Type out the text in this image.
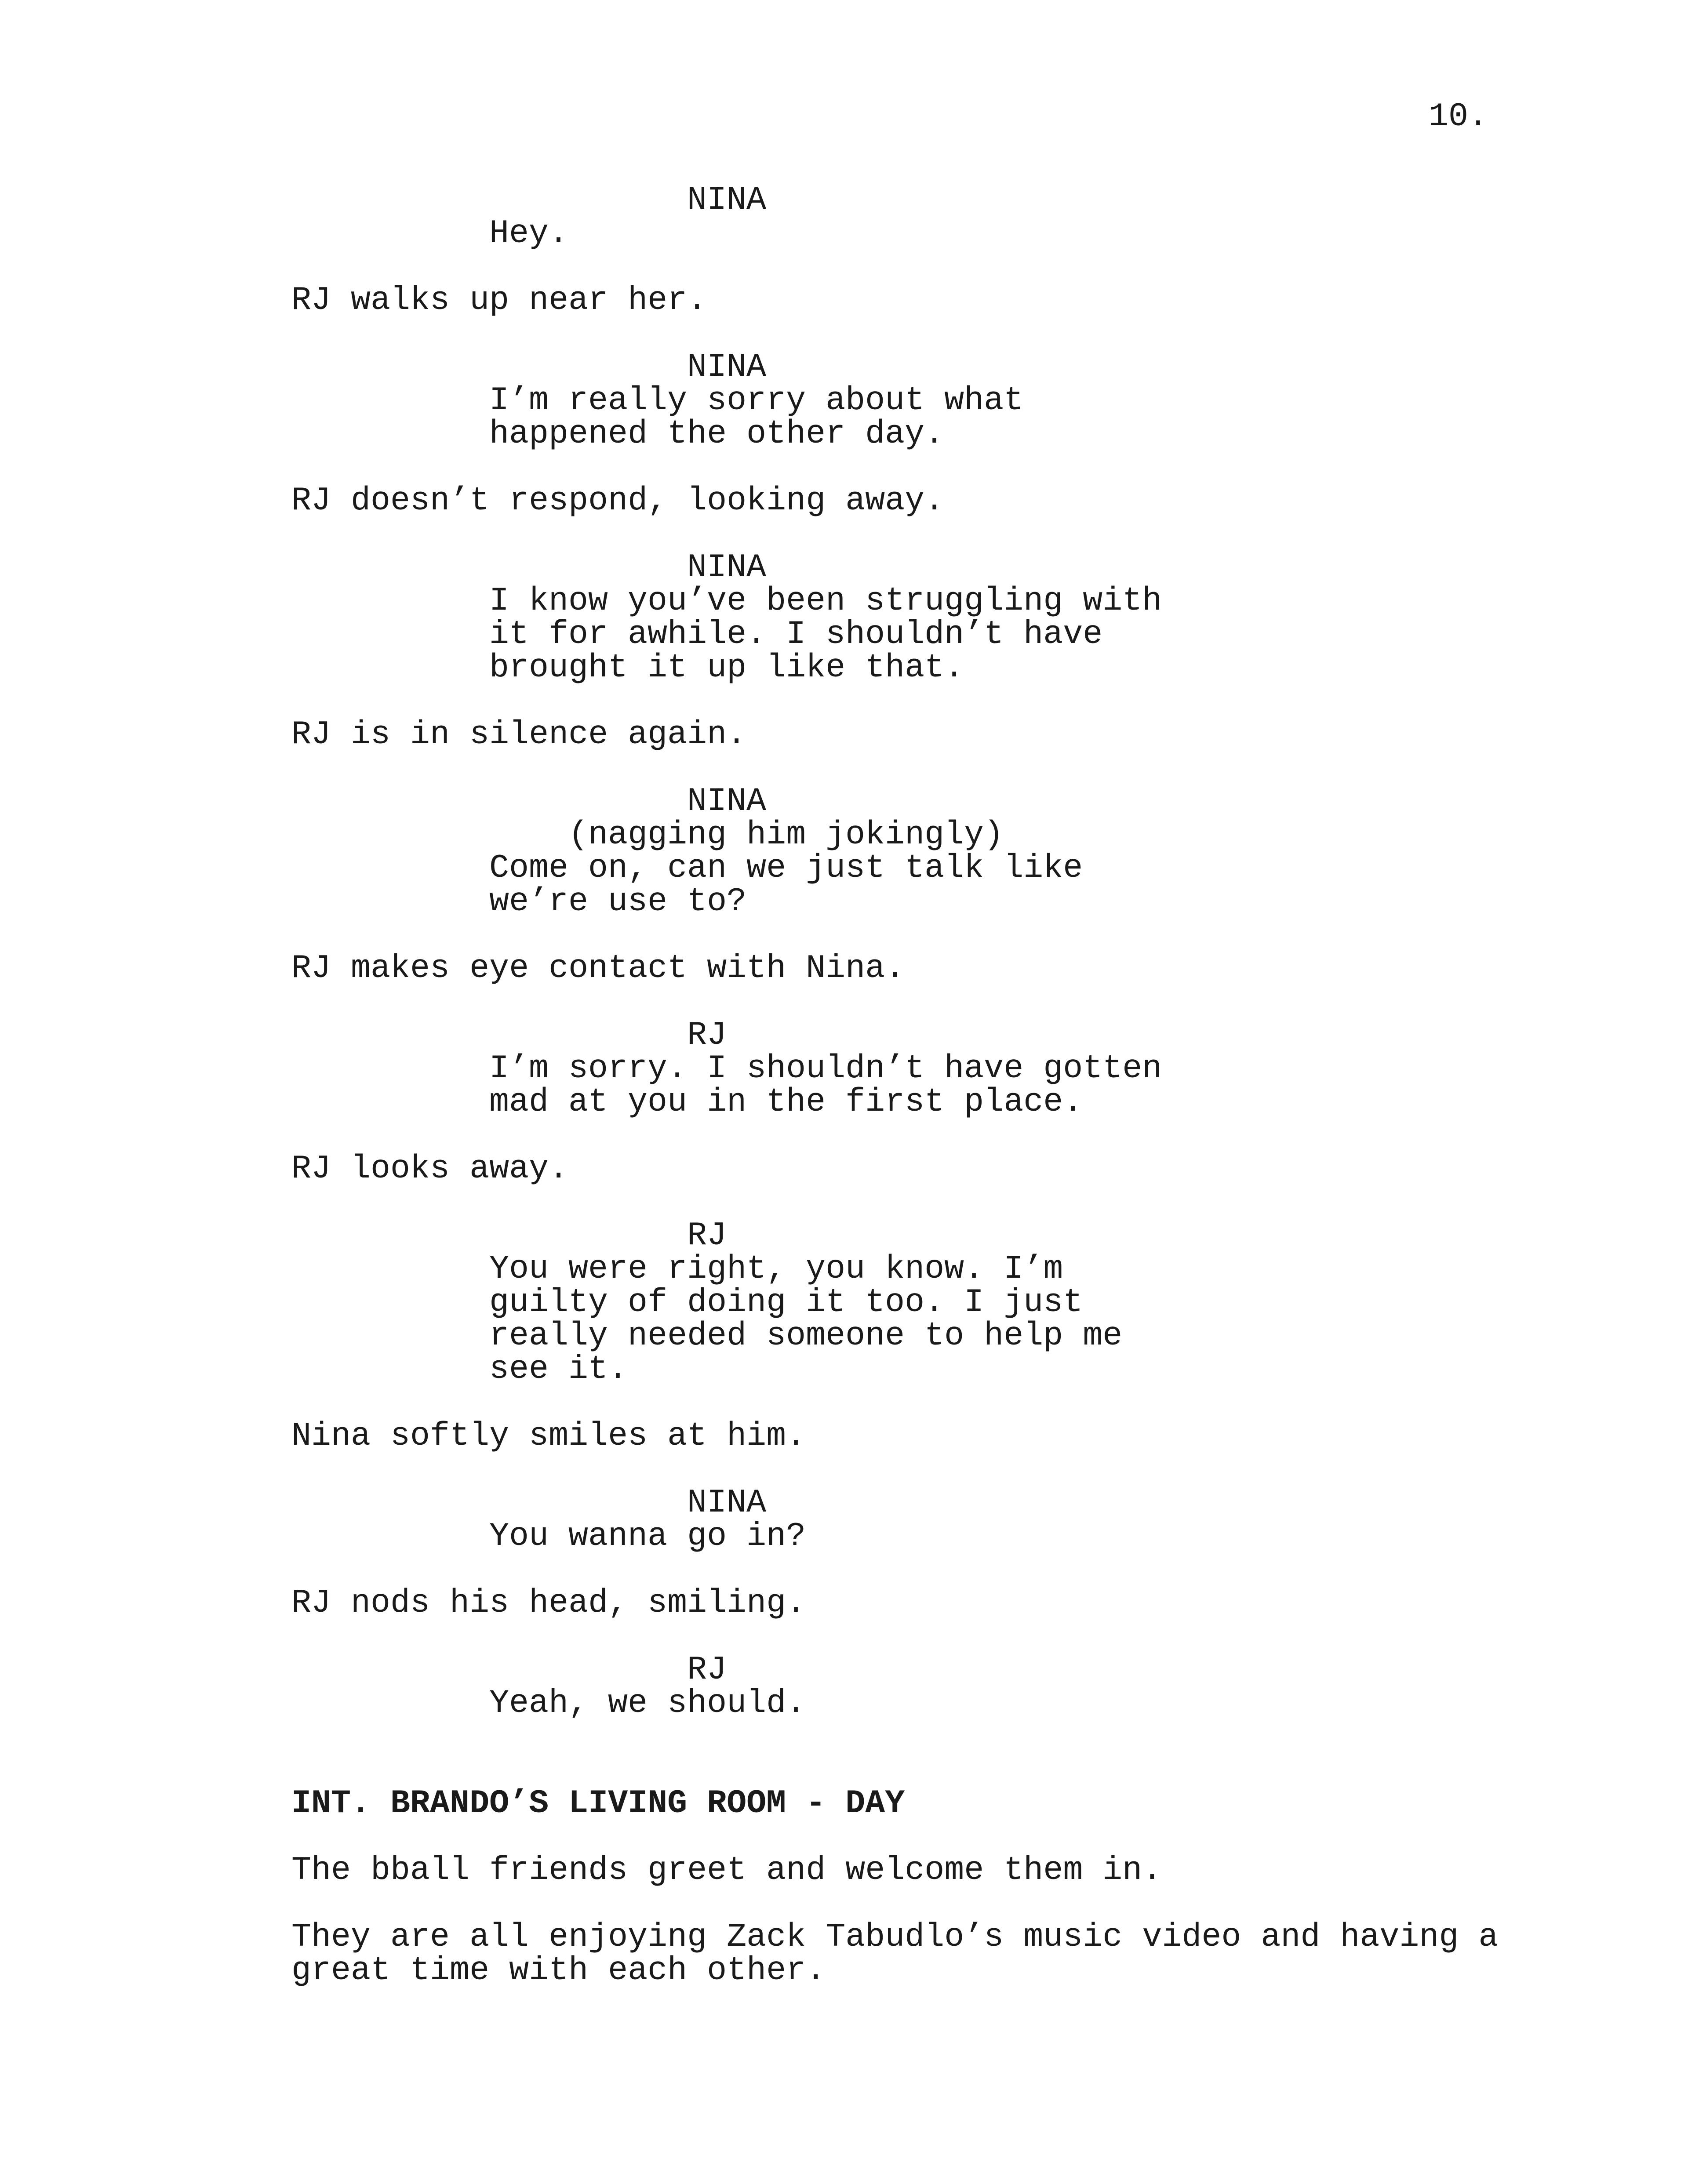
10.
NINA
Hey.
RJ walks up near her.
NINA
I’m really sorry about what
happened the other day.
RJ doesn’t respond, looking away.
NINA
I know you’ve been struggling with
it for awhile. I shouldn’t have
brought it up like that.
RJ is in silence again.
NINA
(nagging him jokingly)
Come on, can we just talk like
we’re use to?
RJ makes eye contact with Nina.
RJ
I’m sorry. I shouldn’t have gotten
mad at you in the first place.
RJ looks away.
RJ
You were right, you know. I’m
guilty of doing it too. I just
really needed someone to help me
see it.
Nina softly smiles at him.
NINA
You wanna go in?
RJ nods his head, smiling.
RJ
Yeah, we should.
INT. BRANDO’S LIVING ROOM - DAY
The bball friends greet and welcome them in.
They are all enjoying Zack Tabudlo’s music video and having a
great time with each other.
